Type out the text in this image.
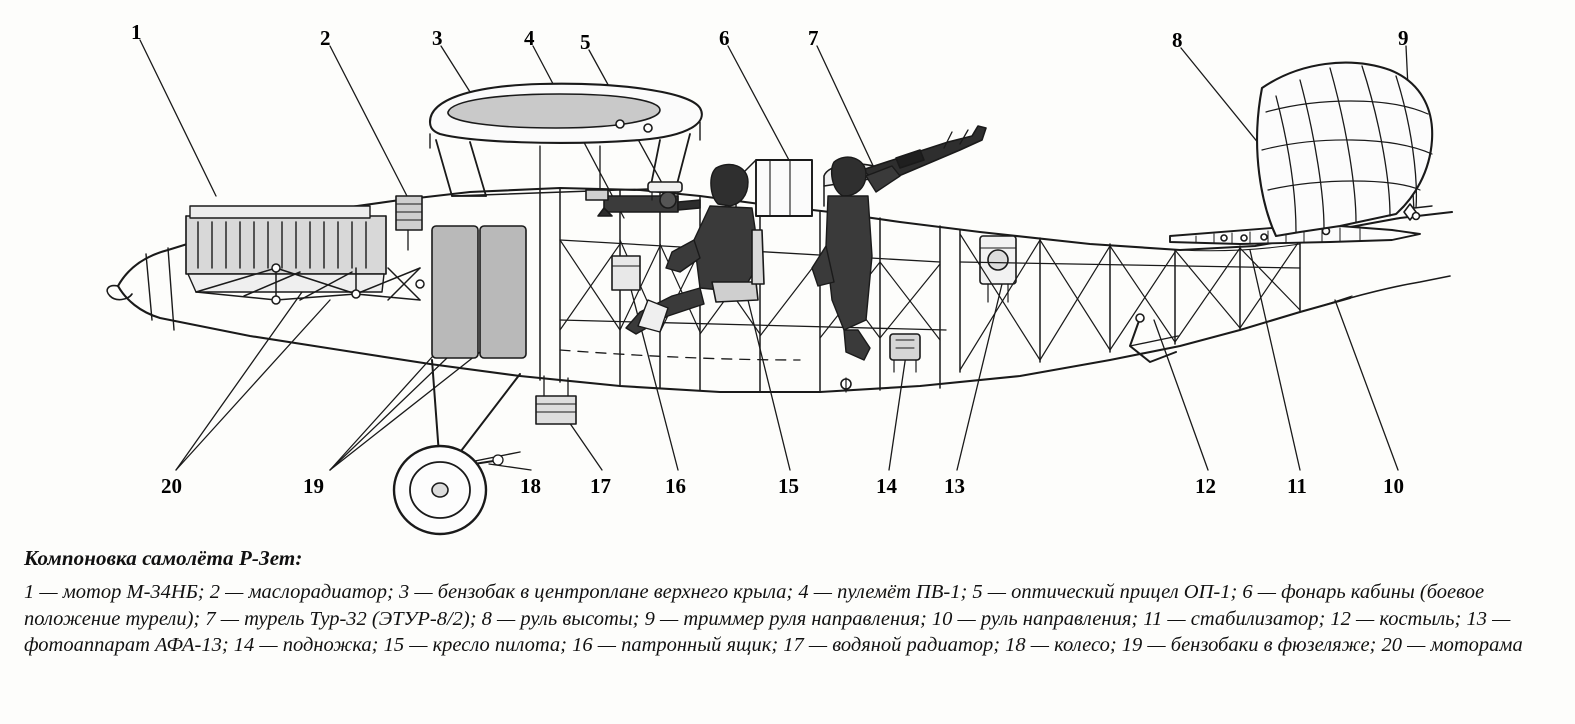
1	2	3	4 5	6	7	8	9
10
11
12
13
14
15
16
17
18
19
20
Компоновка самолёта Р-Зет:
1 — мотор М-34НБ; 2 — маслорадиатор; 3 — бензобак в центроплане верхнего крыла; 4 — пулемёт ПВ-1; 5 — оптический прицел ОП-1; 6 — фонарь кабины (боевое положение турели); 7 — турель Тур-32 (ЭТУР-8/2); 8 — руль высоты; 9 — триммер руля направления; 10 — руль направления; 11 — стабилизатор; 12 — костыль; 13 — фотоаппарат АФА-13; 14 — подножка; 15 — кресло пилота; 16 — патронный ящик; 17 — водяной радиатор; 18 — колесо; 19 — бензобаки в фюзеляже; 20 — моторама
